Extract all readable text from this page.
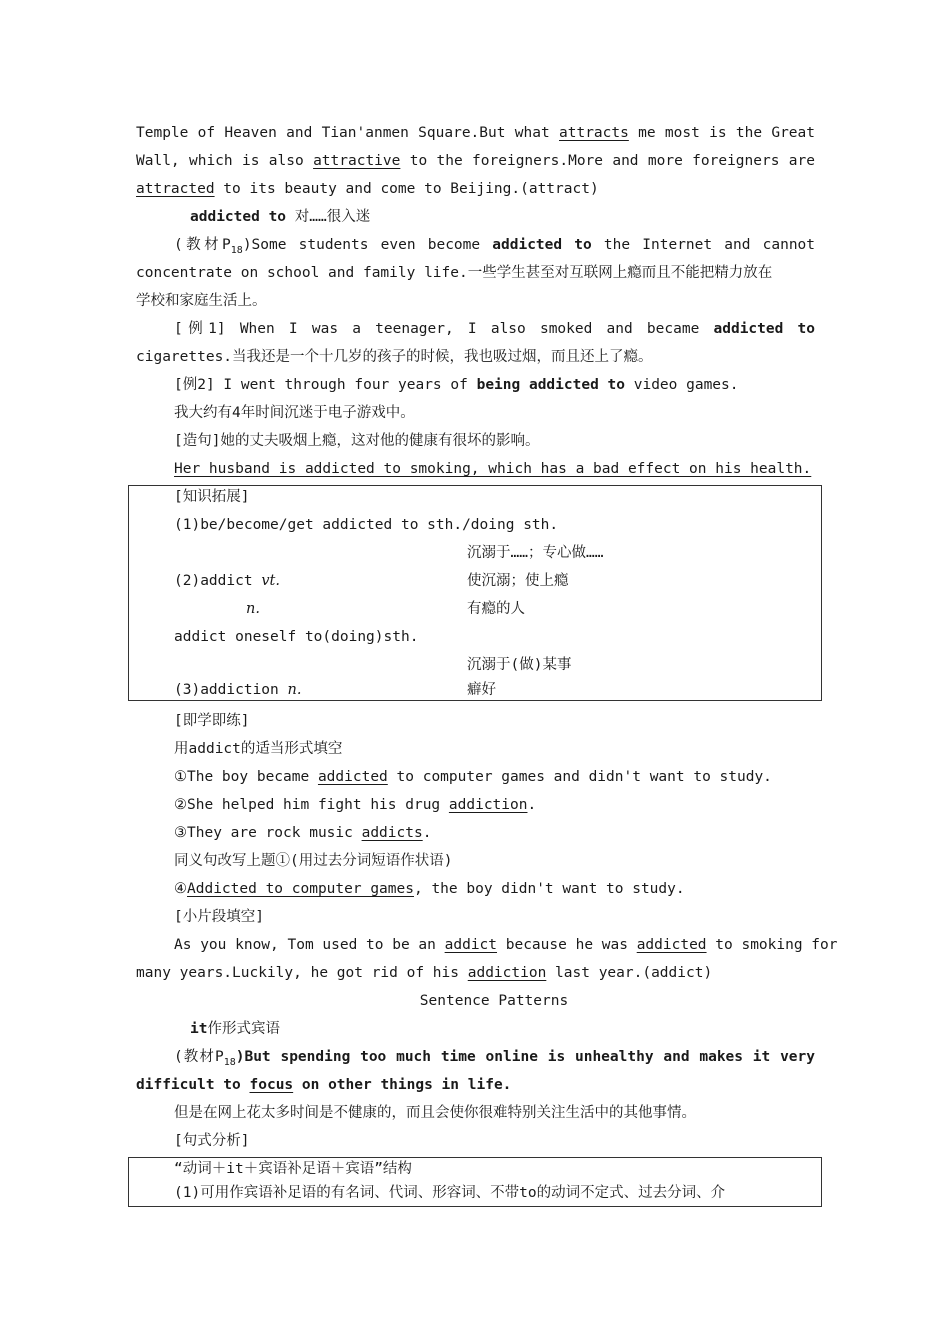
Temple of Heaven and Tian'anmen Square.But what attracts me most is the Great
Wall, which is also attractive to the foreigners.More and more foreigners are
attracted to its beauty and come to Beijing.(attract)
addicted to 对……很入迷
(教材$P_{18})Some$ students even become addicted to the Internet and cannot
concentrate on school and family life.一些学生甚至对互联网上瘾而且不能把精力放在
学校和家庭生活上。
[例1] When I was a teenager, I also smoked and became addicted to
cigarettes.当我还是一个十几岁的孩子的时候，我也吸过烟，而且还上了瘾。
[例2] I went through four years of being addicted to video games.
我大约有4年时间沉迷于电子游戏中。
[造句]她的丈夫吸烟上瘾，这对他的健康有很坏的影响。
Her husband is addicted to smoking, which has a bad effect on his health.
[知识拓展]
(1)be/become/get addicted to sth./doing sth.
沉溺于……；专心做……
(2)addict vt.	使沉溺；使上瘾
n.	有瘾的人
addict oneself to(doing)sth.
沉溺于(做)某事
(3)addiction n.	癖好
[即学即练]
用addict的适当形式填空
①The boy became addicted to computer games and didn't want to study.
②She helped him fight his drug addiction.
③They are rock music addicts.
同义句改写上题①(用过去分词短语作状语)
④Addicted to computer games, the boy didn't want to study.
[小片段填空]
As you know, Tom used to be an addict because he was addicted to smoking for
many years.Luckily, he got rid of his addiction last year.(addict)
Sentence Patterns
it作形式宾语
(教材$P_{18})But$ spending too much time online is unhealthy and makes it very
difficult to focus on other things in life.
但是在网上花太多时间是不健康的，而且会使你很难特别关注生活中的其他事情。
[句式分析]
“动词＋it＋宾语补足语＋宾语”结构
(1)可用作宾语补足语的有名词、代词、形容词、不带to的动词不定式、过去分词、介
